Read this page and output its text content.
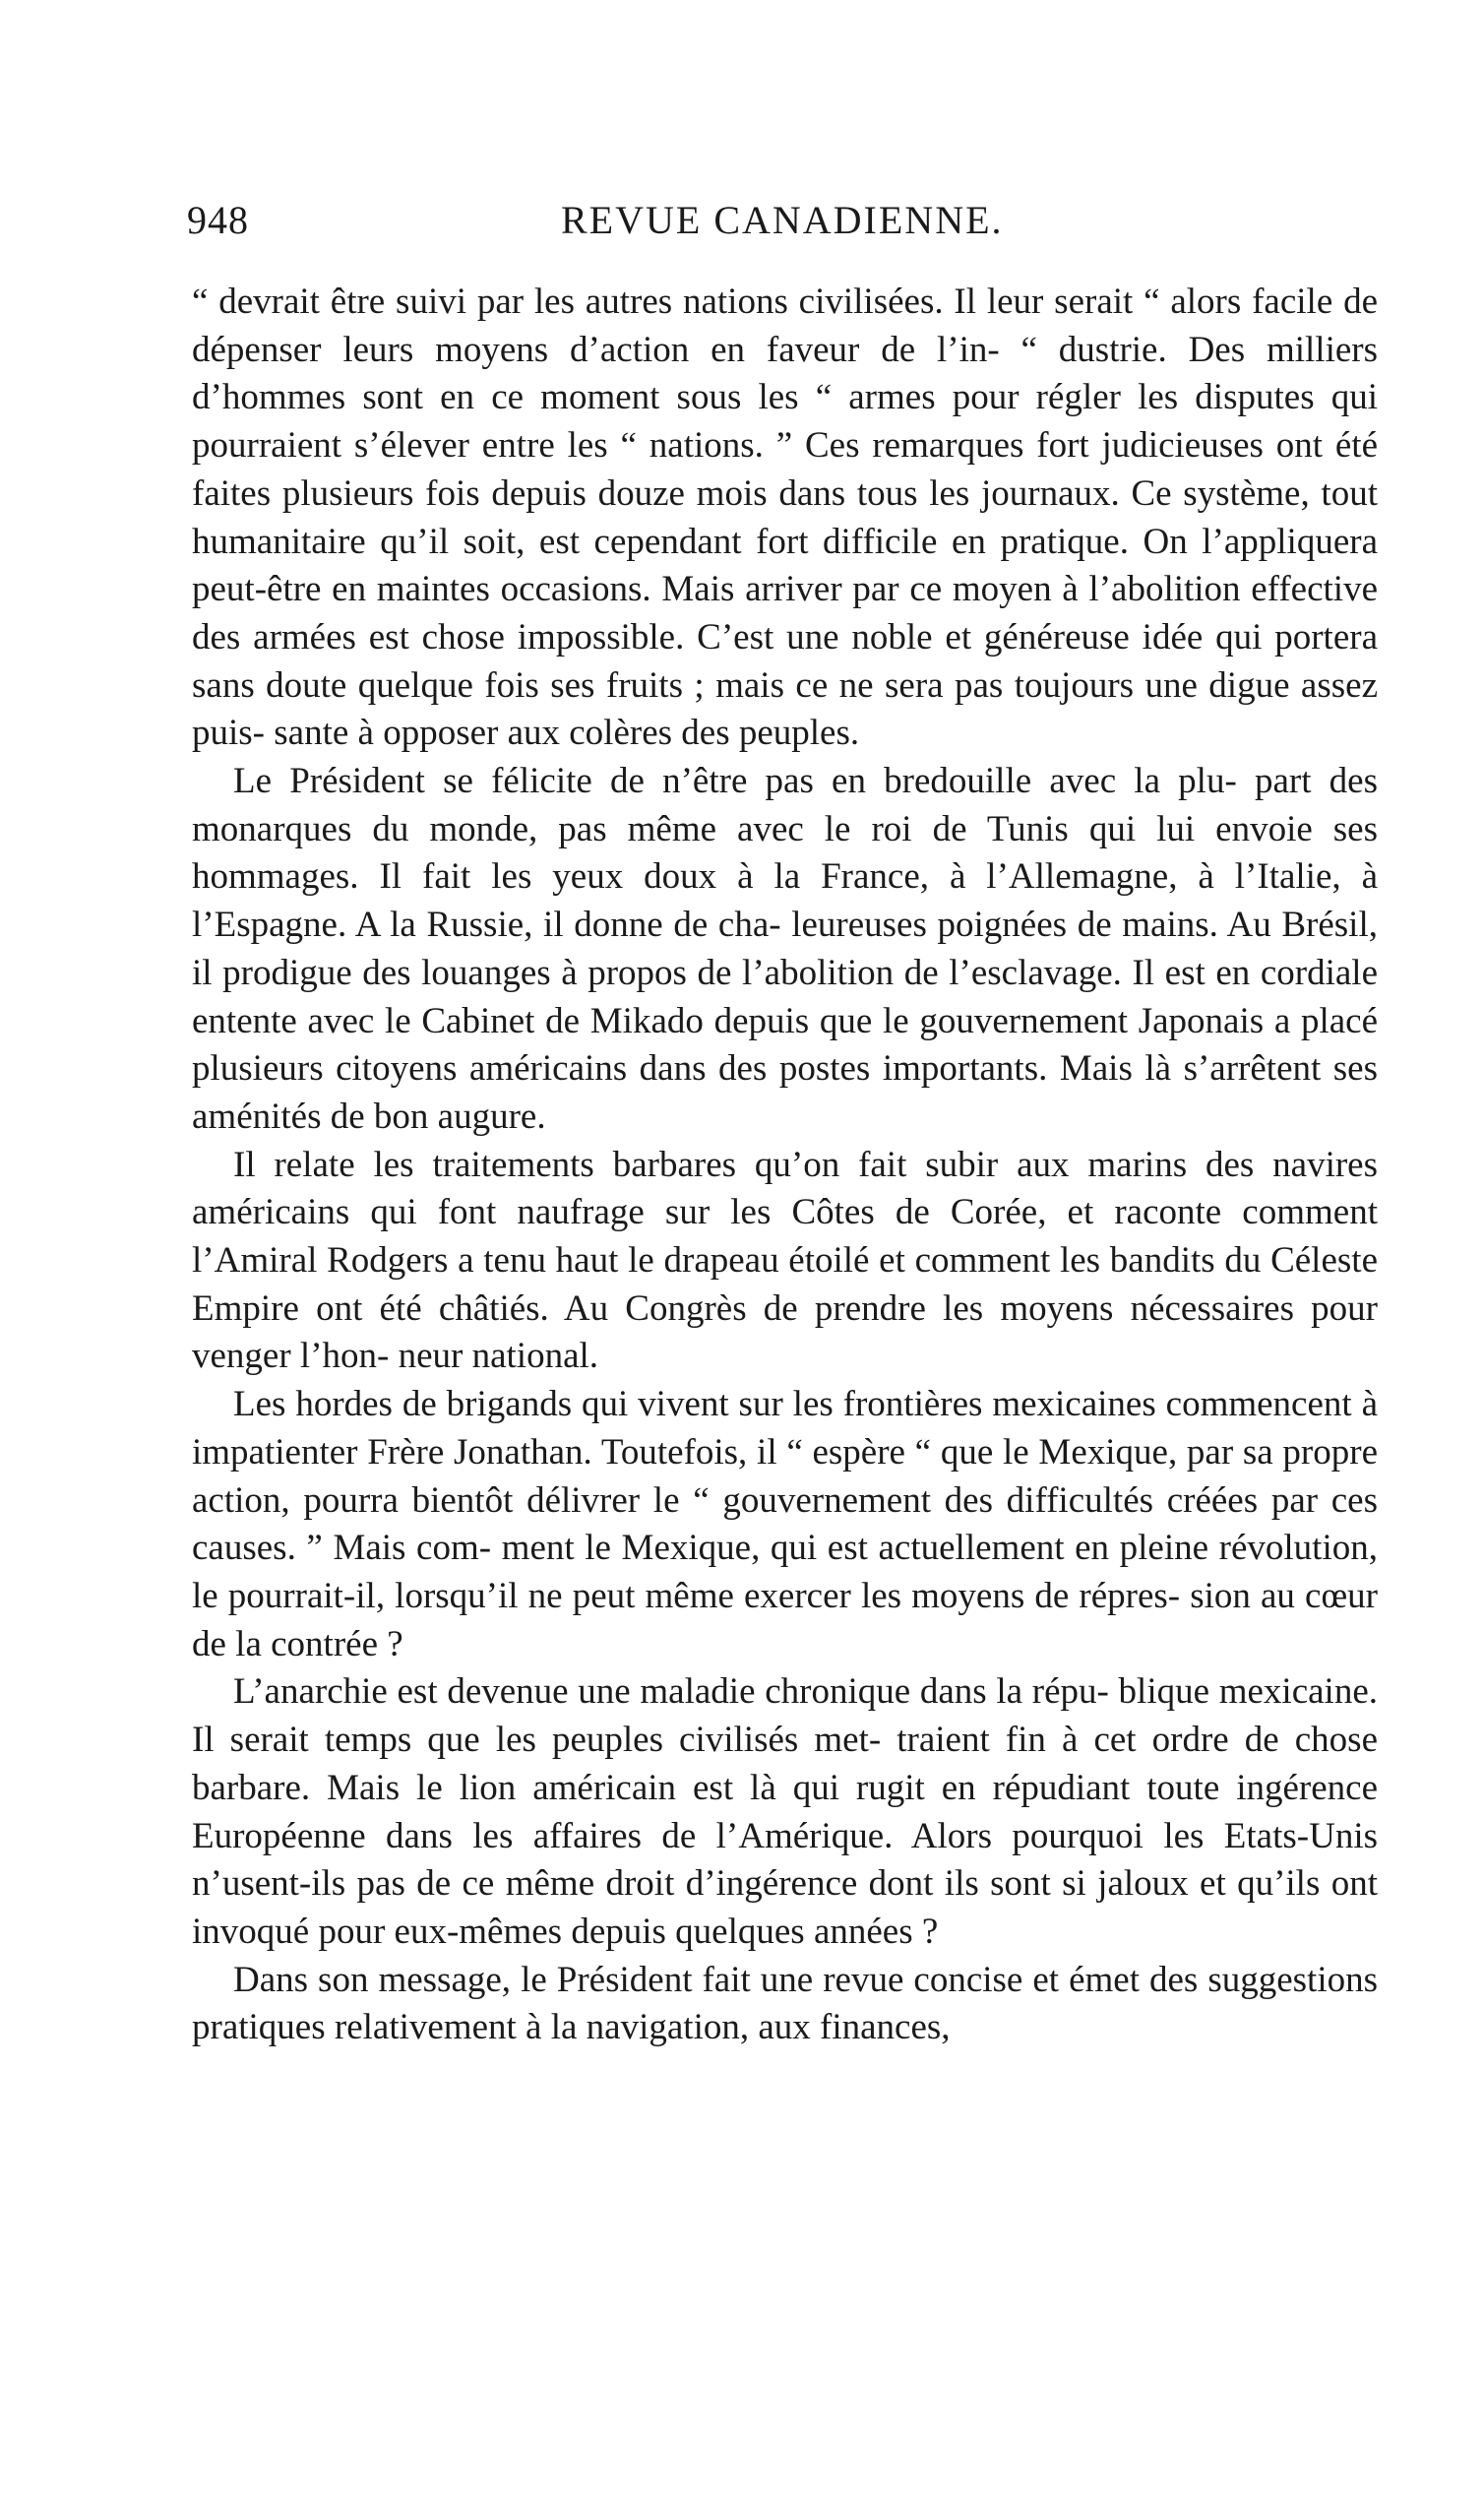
948	REVUE CANADIENNE.

“ devrait être suivi par les autres nations civilisées. Il leur serait “ alors facile de dépenser leurs moyens d’action en faveur de l’in- “ dustrie. Des milliers d’hommes sont en ce moment sous les “ armes pour régler les disputes qui pourraient s’élever entre les “ nations. ” Ces remarques fort judicieuses ont été faites plusieurs fois depuis douze mois dans tous les journaux. Ce système, tout humanitaire qu’il soit, est cependant fort difficile en pratique. On l’appliquera peut-être en maintes occasions. Mais arriver par ce moyen à l’abolition effective des armées est chose impossible. C’est une noble et généreuse idée qui portera sans doute quelque fois ses fruits ; mais ce ne sera pas toujours une digue assez puis- sante à opposer aux colères des peuples.

Le Président se félicite de n’être pas en bredouille avec la plu- part des monarques du monde, pas même avec le roi de Tunis qui lui envoie ses hommages. Il fait les yeux doux à la France, à l’Allemagne, à l’Italie, à l’Espagne. A la Russie, il donne de cha- leureuses poignées de mains. Au Brésil, il prodigue des louanges à propos de l’abolition de l’esclavage. Il est en cordiale entente avec le Cabinet de Mikado depuis que le gouvernement Japonais a placé plusieurs citoyens américains dans des postes importants. Mais là s’arrêtent ses aménités de bon augure.

Il relate les traitements barbares qu’on fait subir aux marins des navires américains qui font naufrage sur les Côtes de Corée, et raconte comment l’Amiral Rodgers a tenu haut le drapeau étoilé et comment les bandits du Céleste Empire ont été châtiés. Au Congrès de prendre les moyens nécessaires pour venger l’hon- neur national.

Les hordes de brigands qui vivent sur les frontières mexicaines commencent à impatienter Frère Jonathan. Toutefois, il “ espère “ que le Mexique, par sa propre action, pourra bientôt délivrer le “ gouvernement des difficultés créées par ces causes. ” Mais com- ment le Mexique, qui est actuellement en pleine révolution, le pourrait-il, lorsqu’il ne peut même exercer les moyens de répres- sion au cœur de la contrée ?

L’anarchie est devenue une maladie chronique dans la répu- blique mexicaine. Il serait temps que les peuples civilisés met- traient fin à cet ordre de chose barbare. Mais le lion américain est là qui rugit en répudiant toute ingérence Européenne dans les affaires de l’Amérique. Alors pourquoi les Etats-Unis n’usent-ils pas de ce même droit d’ingérence dont ils sont si jaloux et qu’ils ont invoqué pour eux-mêmes depuis quelques années ?

Dans son message, le Président fait une revue concise et émet des suggestions pratiques relativement à la navigation, aux finances,
